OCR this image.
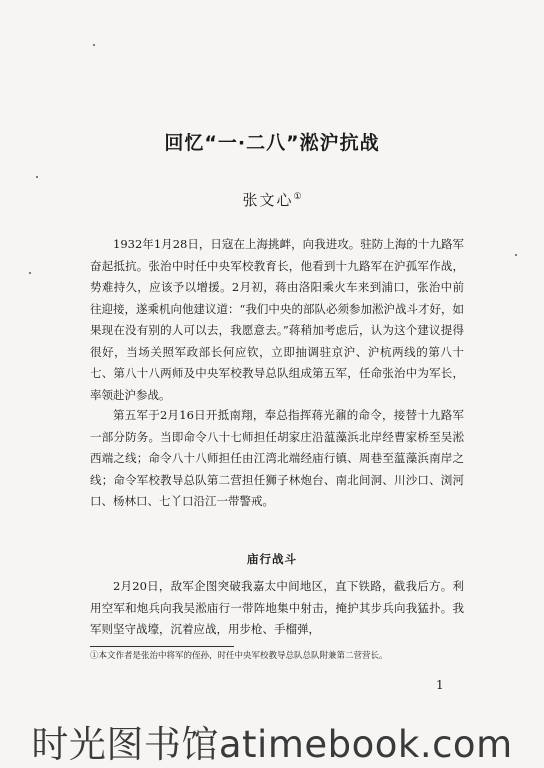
回忆“一·二八”淞沪抗战
张文心①

1932年1月28日，日寇在上海挑衅，向我进攻。驻防上海的十九路军奋起抵抗。张治中时任中央军校教育长，他看到十九路军在沪孤军作战，势难持久，应该予以增援。2月初，蒋由洛阳乘火车来到浦口，张治中前往迎接，遂乘机向他建议道：“我们中央的部队必须参加淞沪战斗才好，如果现在没有别的人可以去，我愿意去。”蒋稍加考虑后，认为这个建议提得很好，当场关照军政部长何应钦，立即抽调驻京沪、沪杭两线的第八十七、第八十八两师及中央军校教导总队组成第五军，任命张治中为军长，率领赴沪参战。

第五军于2月16日开抵南翔，奉总指挥蒋光鼐的命令，接替十九路军一部分防务。当即命令八十七师担任胡家庄沿蕰藻浜北岸经曹家桥至吴淞西端之线；命令八十八师担任由江湾北端经庙行镇、周巷至蕰藻浜南岸之线；命令军校教导总队第二营担任狮子林炮台、南北间洞、川沙口、浏河口、杨林口、七丫口沿江一带警戒。

庙行战斗

2月20日，敌军企图突破我嘉太中间地区，直下铁路，截我后方。利用空军和炮兵向我吴淞庙行一带阵地集中射击，掩护其步兵向我猛扑。我军则坚守战壕，沉着应战，用步枪、手榴弹，

①本文作者是张治中将军的侄孙，时任中央军校教导总队总队附兼第二营营长。
1
时光图书馆atimebook.com
